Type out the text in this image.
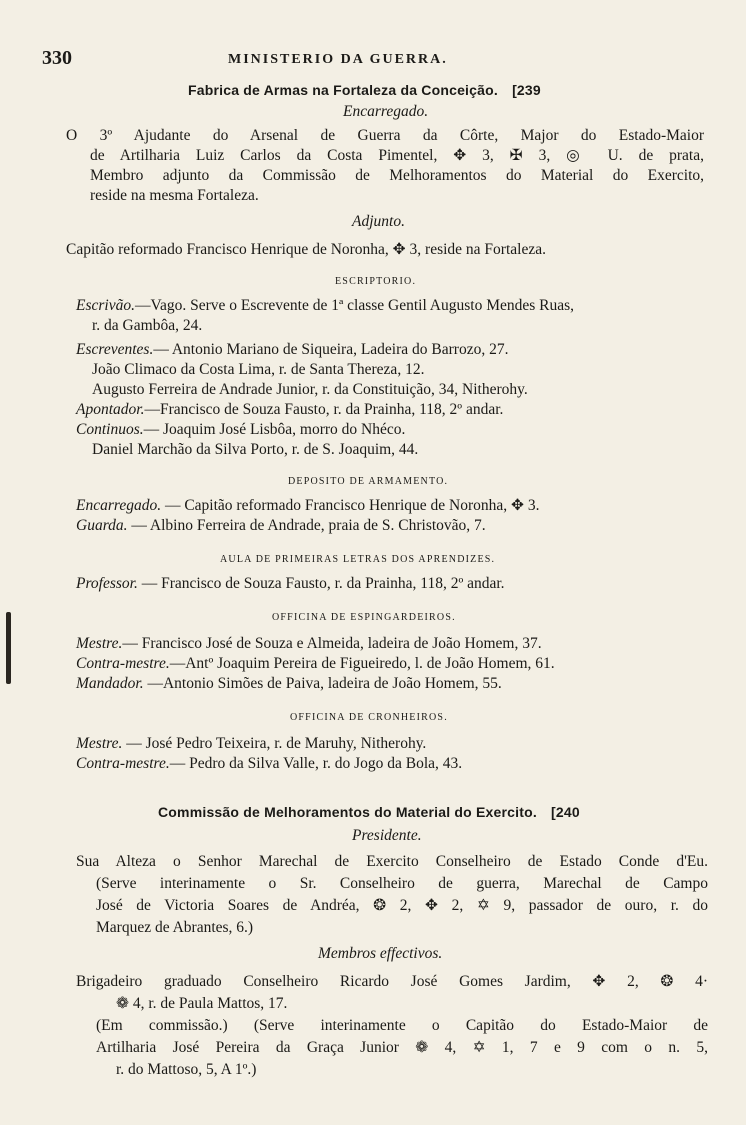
330	MINISTERIO DA GUERRA.
Fabrica de Armas na Fortaleza da Conceição. [239
Encarregado.
O 3º Ajudante do Arsenal de Guerra da Côrte, Major do Estado-Maior
de Artilharia Luiz Carlos da Costa Pimentel, ✥ 3, ✠ 3, ◎ U. de prata,
Membro adjunto da Commissão de Melhoramentos do Material do Exercito,
reside na mesma Fortaleza.
Adjunto.
Capitão reformado Francisco Henrique de Noronha, ✥ 3, reside na Fortaleza.
ESCRIPTORIO.
Escrivão.—Vago. Serve o Escrevente de 1ª classe Gentil Augusto Mendes Ruas,
r. da Gambôa, 24.
Escreventes.— Antonio Mariano de Siqueira, Ladeira do Barrozo, 27.
João Climaco da Costa Lima, r. de Santa Thereza, 12.
Augusto Ferreira de Andrade Junior, r. da Constituição, 34, Nitherohy.
Apontador.—Francisco de Souza Fausto, r. da Prainha, 118, 2º andar.
Continuos.— Joaquim José Lisbôa, morro do Nhéco.
Daniel Marchão da Silva Porto, r. de S. Joaquim, 44.
DEPOSITO DE ARMAMENTO.
Encarregado. — Capitão reformado Francisco Henrique de Noronha, ✥ 3.
Guarda. — Albino Ferreira de Andrade, praia de S. Christovão, 7.
AULA DE PRIMEIRAS LETRAS DOS APRENDIZES.
Professor. — Francisco de Souza Fausto, r. da Prainha, 118, 2º andar.
OFFICINA DE ESPINGARDEIROS.
Mestre.— Francisco José de Souza e Almeida, ladeira de João Homem, 37.
Contra-mestre.—Antº Joaquim Pereira de Figueiredo, l. de João Homem, 61.
Mandador. —Antonio Simões de Paiva, ladeira de João Homem, 55.
OFFICINA DE CRONHEIROS.
Mestre. — José Pedro Teixeira, r. de Maruhy, Nitherohy.
Contra-mestre.— Pedro da Silva Valle, r. do Jogo da Bola, 43.
Commissão de Melhoramentos do Material do Exercito. [240
Presidente.
Sua Alteza o Senhor Marechal de Exercito Conselheiro de Estado Conde d'Eu.
(Serve interinamente o Sr. Conselheiro de guerra, Marechal de Campo
José de Victoria Soares de Andréa, ❂ 2, ✥ 2, ✡ 9, passador de ouro, r. do
Marquez de Abrantes, 6.)
Membros effectivos.
Brigadeiro graduado Conselheiro Ricardo José Gomes Jardim, ✥ 2, ❂ 4·
❁ 4, r. de Paula Mattos, 17.
(Em commissão.) (Serve interinamente o Capitão do Estado-Maior de
Artilharia José Pereira da Graça Junior ❁ 4, ✡ 1, 7 e 9 com o n. 5,
r. do Mattoso, 5, A 1º.)
